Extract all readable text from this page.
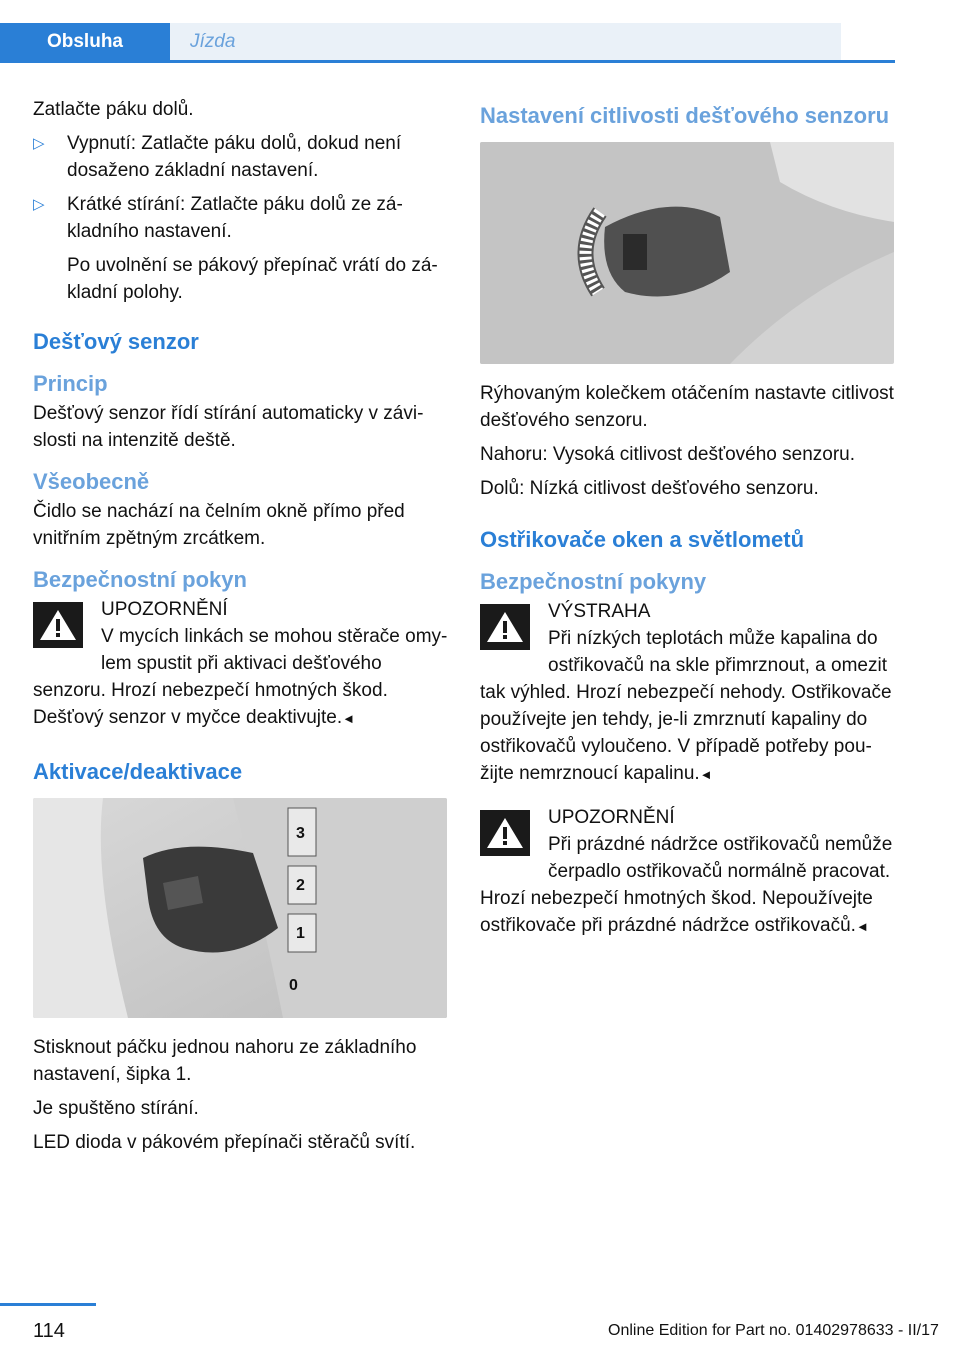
Obsluha	Jízda

Zatlačte páku dolů.

▷ Vypnutí: Zatlačte páku dolů, dokud není dosaženo základní nastavení.
▷ Krátké stírání: Zatlačte páku dolů ze základního nastavení.

Po uvolnění se pákový přepínač vrátí do základní polohy.

Dešťový senzor
Princip

Dešťový senzor řídí stírání automaticky v závislosti na intenzitě deště.

Všeobecně

Čidlo se nachází na čelním okně přímo před vnitřním zpětným zrcátkem.

Bezpečnostní pokyn
UPOZORNĚNÍ
V mycích linkách se mohou stěrače omylem spustit při aktivaci dešťového senzoru. Hrozí nebezpečí hmotných škod. Dešťový senzor v myčce deaktivujte.◄
Aktivace/deaktivace
3
2
1
0

Stisknout páčku jednou nahoru ze základního nastavení, šipka 1.

Je spuštěno stírání.

LED dioda v pákovém přepínači stěračů svítí.

Nastavení citlivosti dešťového senzoru

Rýhovaným kolečkem otáčením nastavte citlivost dešťového senzoru.

Nahoru: Vysoká citlivost dešťového senzoru.

Dolů: Nízká citlivost dešťového senzoru.

Ostřikovače oken a světlometů
Bezpečnostní pokyny
VÝSTRAHA
Při nízkých teplotách může kapalina do ostřikovačů na skle přimrznout, a omezit tak výhled. Hrozí nebezpečí nehody. Ostřikovače používejte jen tehdy, je-li zmrznutí kapaliny do ostřikovačů vyloučeno. V případě potřeby použijte nemrznoucí kapalinu.◄
UPOZORNĚNÍ
Při prázdné nádržce ostřikovačů nemůže čerpadlo ostřikovačů normálně pracovat. Hrozí nebezpečí hmotných škod. Nepoužívejte ostřikovače při prázdné nádržce ostřikovačů.◄
114	Online Edition for Part no. 01402978633 - II/17
